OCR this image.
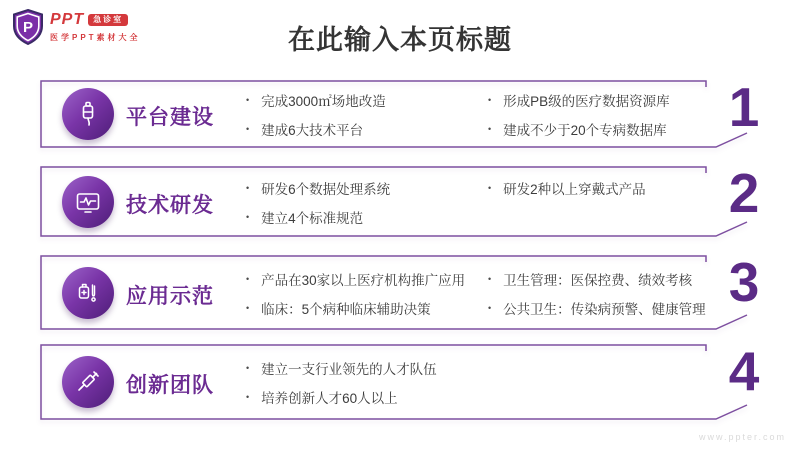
P PPT	急诊室
医学PPT素材大全	在此输入本页标题
平台建设
• 完成3000㎡场地改造
• 建成6大技术平台
• 形成PB级的医疗数据资源库
• 建成不少于20个专病数据库	1
技术研发
• 研发6个数据处理系统
• 建立4个标准规范
• 研发2种以上穿戴式产品	2
应用示范
• 产品在30家以上医疗机构推广应用
• 临床：5个病种临床辅助决策
• 卫生管理：医保控费、绩效考核
• 公共卫生：传染病预警、健康管理 3
创新团队
• 建立一支行业领先的人才队伍
• 培养创新人才60人以上	4
www.ppter.com
